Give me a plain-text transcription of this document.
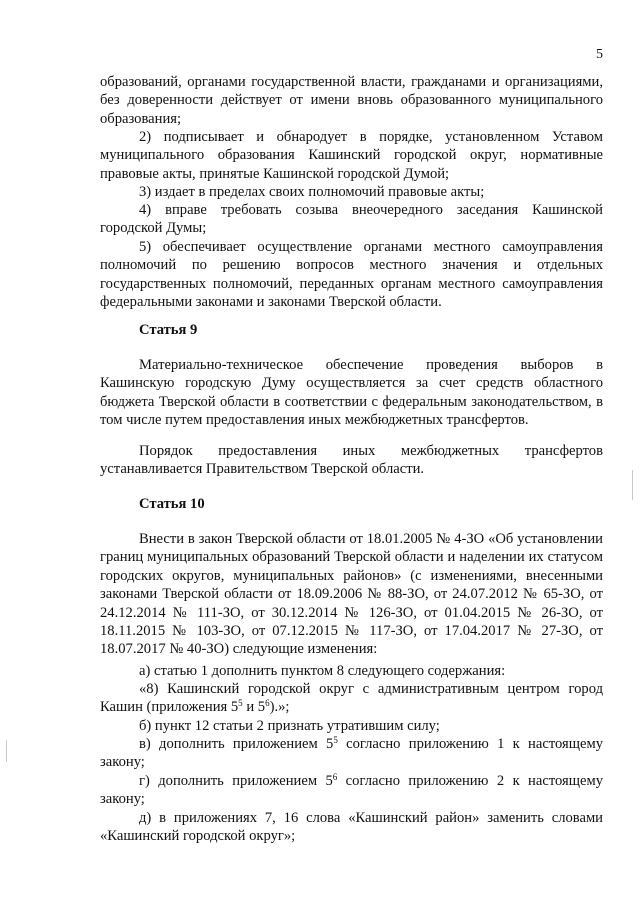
5

образований, органами государственной власти, гражданами и организациями, без доверенности действует от имени вновь образованного муниципального образования;

2) подписывает и обнародует в порядке, установленном Уставом муниципального образования Кашинский городской округ, нормативные правовые акты, принятые Кашинской городской Думой;

3) издает в пределах своих полномочий правовые акты;

4) вправе требовать созыва внеочередного заседания Кашинской городской Думы;

5) обеспечивает осуществление органами местного самоуправления полномочий по решению вопросов местного значения и отдельных государственных полномочий, переданных органам местного самоуправления федеральными законами и законами Тверской области.

Статья 9

Материально-техническое обеспечение проведения выборов в Кашинскую городскую Думу осуществляется за счет средств областного бюджета Тверской области в соответствии с федеральным законодательством, в том числе путем предоставления иных межбюджетных трансфертов.

Порядок предоставления иных межбюджетных трансфертов устанавливается Правительством Тверской области.

Статья 10

Внести в закон Тверской области от 18.01.2005 № 4-ЗО «Об установлении границ муниципальных образований Тверской области и наделении их статусом городских округов, муниципальных районов» (с изменениями, внесенными законами Тверской области от 18.09.2006 № 88-ЗО, от 24.07.2012 № 65-ЗО, от 24.12.2014 № 111-ЗО, от 30.12.2014 № 126-ЗО, от 01.04.2015 № 26-ЗО, от 18.11.2015 № 103-ЗО, от 07.12.2015 № 117-ЗО, от 17.04.2017 № 27-ЗО, от 18.07.2017 № 40-ЗО) следующие изменения:

а) статью 1 дополнить пунктом 8 следующего содержания:

«8) Кашинский городской округ с административным центром город Кашин (приложения $5^5$ и $5^6$).»;

б) пункт 12 статьи 2 признать утратившим силу;

в) дополнить приложением $5^5$ согласно приложению 1 к настоящему закону;

г) дополнить приложением $5^6$ согласно приложению 2 к настоящему закону;

д) в приложениях 7, 16 слова «Кашинский район» заменить словами «Кашинский городской округ»;
